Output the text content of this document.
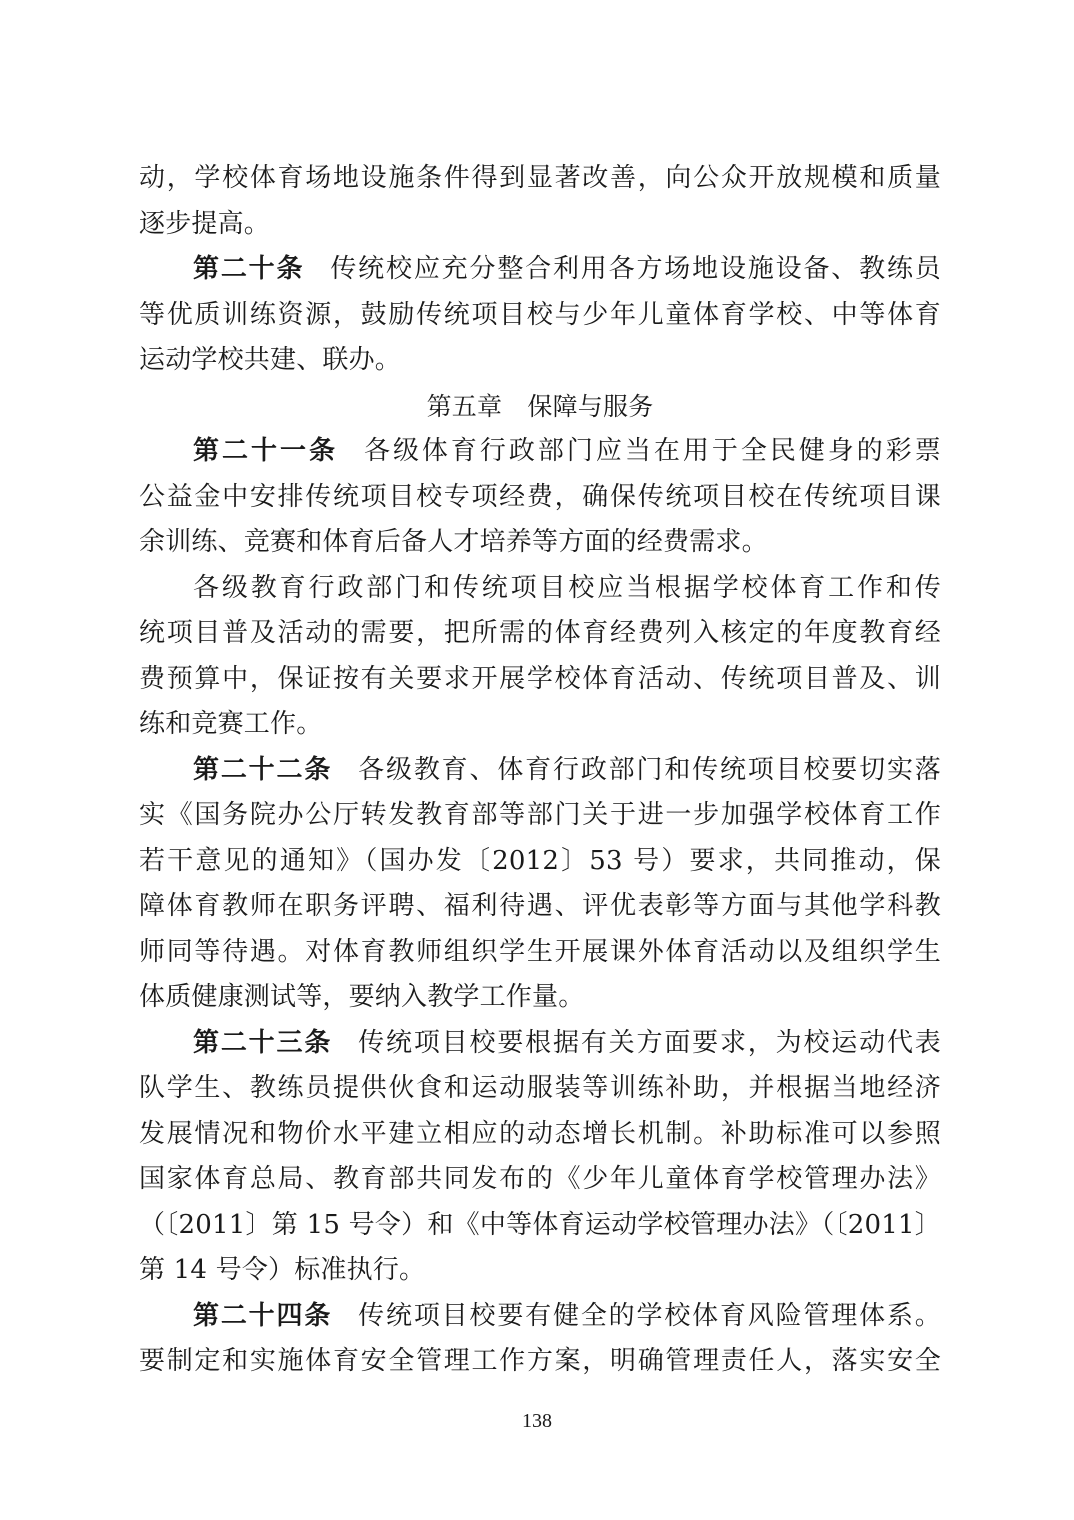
动，学校体育场地设施条件得到显著改善，向公众开放规模和质量
逐步提高。
第二十条 传统校应充分整合利用各方场地设施设备、教练员
等优质训练资源，鼓励传统项目校与少年儿童体育学校、中等体育
运动学校共建、联办。
第五章　保障与服务
第二十一条 各级体育行政部门应当在用于全民健身的彩票
公益金中安排传统项目校专项经费，确保传统项目校在传统项目课
余训练、竞赛和体育后备人才培养等方面的经费需求。
各级教育行政部门和传统项目校应当根据学校体育工作和传
统项目普及活动的需要，把所需的体育经费列入核定的年度教育经
费预算中，保证按有关要求开展学校体育活动、传统项目普及、训
练和竞赛工作。
第二十二条 各级教育、体育行政部门和传统项目校要切实落
实《国务院办公厅转发教育部等部门关于进一步加强学校体育工作
若干意见的通知》（国办发〔2012〕53 号）要求，共同推动，保
障体育教师在职务评聘、福利待遇、评优表彰等方面与其他学科教
师同等待遇。对体育教师组织学生开展课外体育活动以及组织学生
体质健康测试等，要纳入教学工作量。
第二十三条 传统项目校要根据有关方面要求，为校运动代表
队学生、教练员提供伙食和运动服装等训练补助，并根据当地经济
发展情况和物价水平建立相应的动态增长机制。补助标准可以参照
国家体育总局、教育部共同发布的《少年儿童体育学校管理办法》
（〔2011〕第 15 号令）和《中等体育运动学校管理办法》（〔2011〕
第 14 号令）标准执行。
第二十四条 传统项目校要有健全的学校体育风险管理体系。
要制定和实施体育安全管理工作方案，明确管理责任人，落实安全
138
